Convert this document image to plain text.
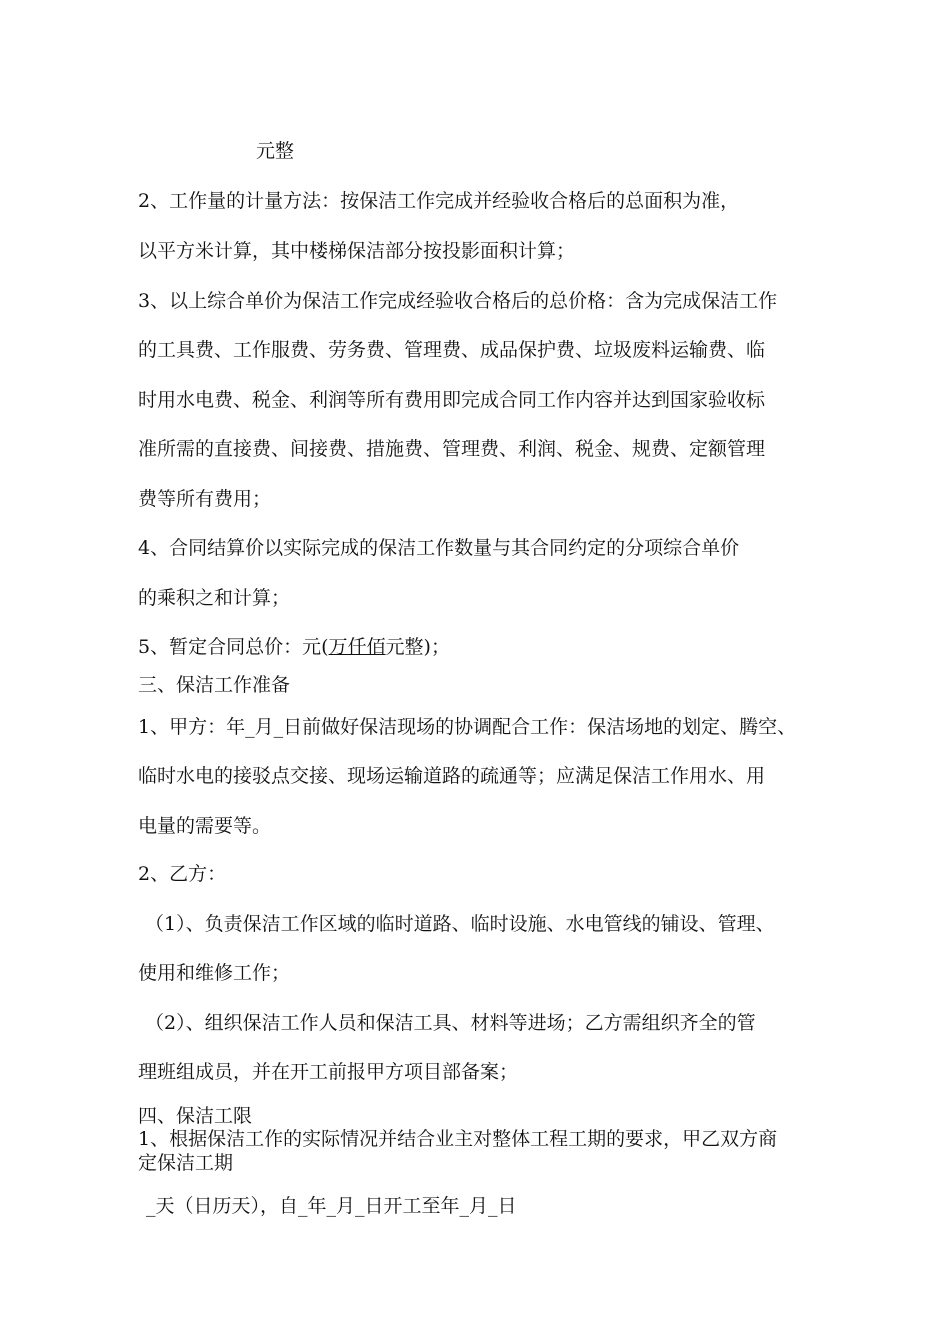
元整
2、工作量的计量方法：按保洁工作完成并经验收合格后的总面积为准，
以平方米计算，其中楼梯保洁部分按投影面积计算；
3、以上综合单价为保洁工作完成经验收合格后的总价格：含为完成保洁工作
的工具费、工作服费、劳务费、管理费、成品保护费、垃圾废料运输费、临
时用水电费、税金、利润等所有费用即完成合同工作内容并达到国家验收标
准所需的直接费、间接费、措施费、管理费、利润、税金、规费、定额管理
费等所有费用；
4、合同结算价以实际完成的保洁工作数量与其合同约定的分项综合单价
的乘积之和计算；
5、暂定合同总价：元(万仟佰元整)；
三、保洁工作准备
1、甲方：年_月_日前做好保洁现场的协调配合工作：保洁场地的划定、腾空、
临时水电的接驳点交接、现场运输道路的疏通等；应满足保洁工作用水、用
电量的需要等。
2、乙方：
（1）、负责保洁工作区域的临时道路、临时设施、水电管线的铺设、管理、
使用和维修工作；
（2）、组织保洁工作人员和保洁工具、材料等进场；乙方需组织齐全的管
理班组成员，并在开工前报甲方项目部备案；
四、保洁工限
1、根据保洁工作的实际情况并结合业主对整体工程工期的要求，甲乙双方商
定保洁工期
_天（日历天），自_年_月_日开工至年_月_日
